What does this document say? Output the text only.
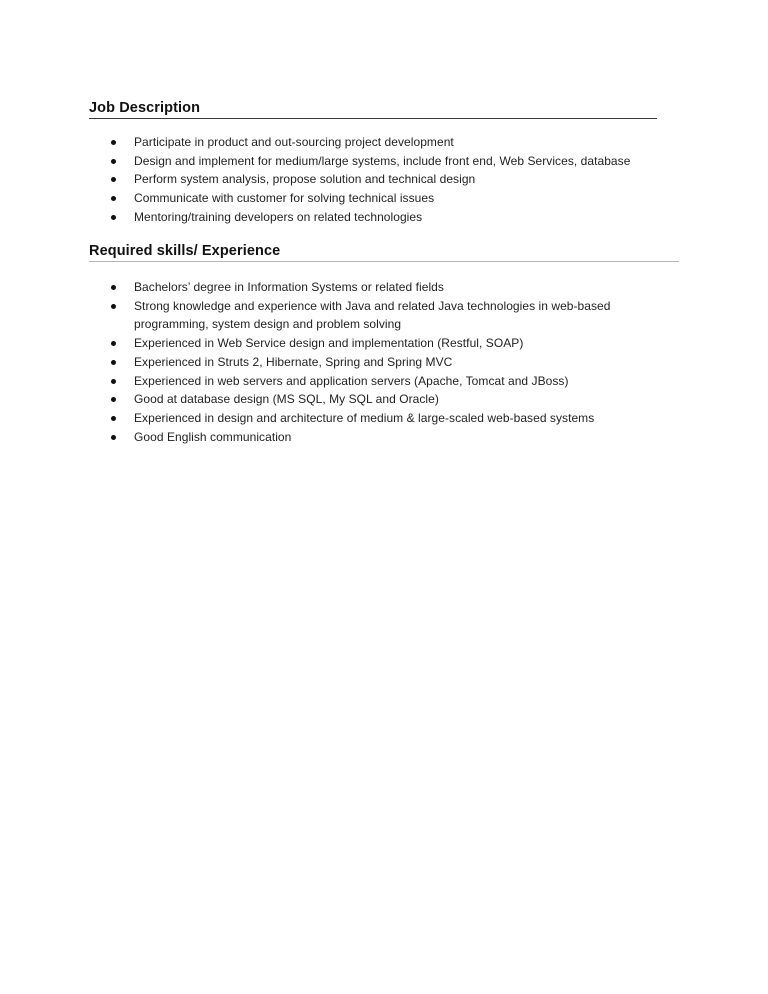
Job Description
Participate in product and out-sourcing project development
Design and implement for medium/large systems, include front end, Web Services, database
Perform system analysis, propose solution and technical design
Communicate with customer for solving technical issues
Mentoring/training developers on related technologies
Required skills/ Experience
Bachelors’ degree in Information Systems or related fields
Strong knowledge and experience with Java and related Java technologies in web-based programming, system design and problem solving
Experienced in Web Service design and implementation (Restful, SOAP)
Experienced in Struts 2, Hibernate, Spring and Spring MVC
Experienced in web servers and application servers (Apache, Tomcat and JBoss)
Good at database design (MS SQL, My SQL and Oracle)
Experienced in design and architecture of medium & large-scaled web-based systems
Good English communication
